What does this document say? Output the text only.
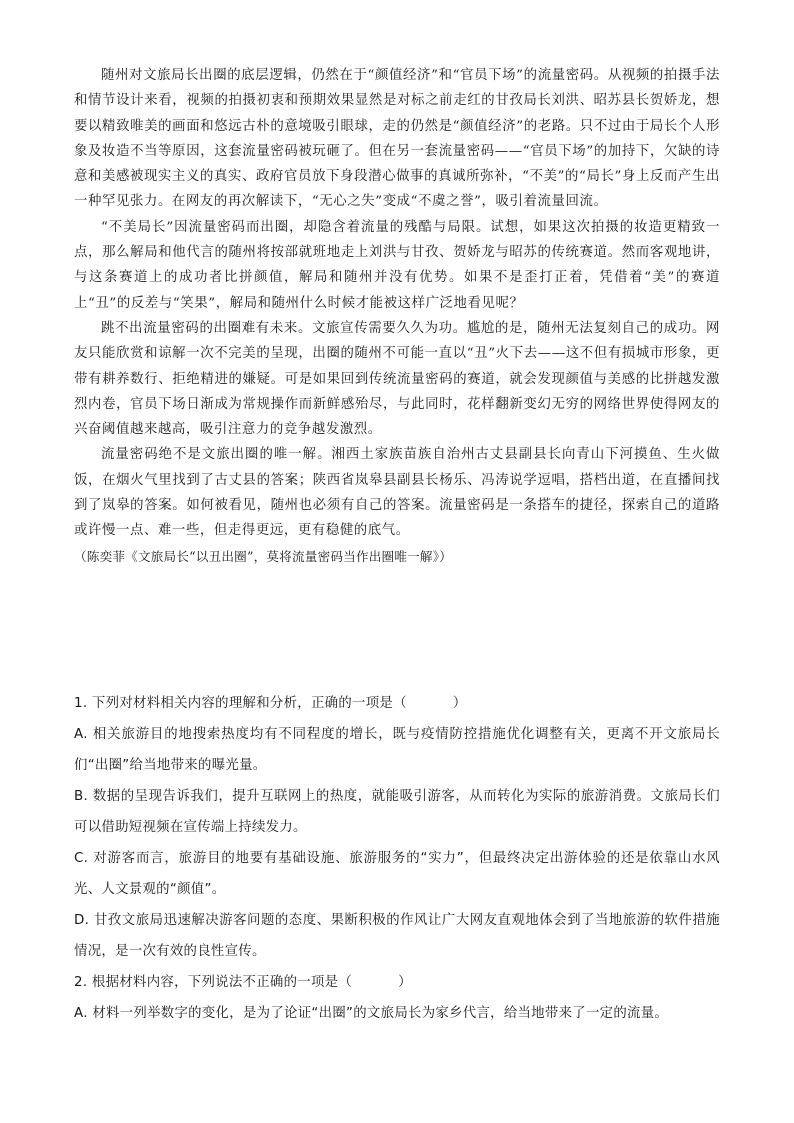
随州对文旅局长出圈的底层逻辑，仍然在于“颜值经济”和“官员下场”的流量密码。从视频的拍摄手法和情节设计来看，视频的拍摄初衷和预期效果显然是对标之前走红的甘孜局长刘洪、昭苏县长贺娇龙，想要以精致唯美的画面和悠远古朴的意境吸引眼球，走的仍然是“颜值经济”的老路。只不过由于局长个人形象及妆造不当等原因，这套流量密码被玩砸了。但在另一套流量密码——“官员下场”的加持下，欠缺的诗意和美感被现实主义的真实、政府官员放下身段潜心做事的真诚所弥补，“不美”的“局长”身上反而产生出一种罕见张力。在网友的再次解读下，“无心之失”变成“不虞之誉”，吸引着流量回流。

“不美局长”因流量密码而出圈，却隐含着流量的残酷与局限。试想，如果这次拍摄的妆造更精致一点，那么解局和他代言的随州将按部就班地走上刘洪与甘孜、贺娇龙与昭苏的传统赛道。然而客观地讲，与这条赛道上的成功者比拼颜值，解局和随州并没有优势。如果不是歪打正着，凭借着“美”的赛道上“丑”的反差与“笑果”，解局和随州什么时候才能被这样广泛地看见呢？

跳不出流量密码的出圈难有未来。文旅宣传需要久久为功。尴尬的是，随州无法复刻自己的成功。网友只能欣赏和谅解一次不完美的呈现，出圈的随州不可能一直以“丑”火下去——这不但有损城市形象，更带有耕养数行、拒绝精进的嫌疑。可是如果回到传统流量密码的赛道，就会发现颜值与美感的比拼越发激烈内卷，官员下场日渐成为常规操作而新鲜感殆尽，与此同时，花样翻新变幻无穷的网络世界使得网友的兴奋阈值越来越高，吸引注意力的竞争越发激烈。

流量密码绝不是文旅出圈的唯一解。湘西土家族苗族自治州古丈县副县长向青山下河摸鱼、生火做饭，在烟火气里找到了古丈县的答案；陕西省岚皋县副县长杨乐、冯涛说学逗唱，搭档出道，在直播间找到了岚皋的答案。如何被看见，随州也必须有自己的答案。流量密码是一条搭车的捷径，探索自己的道路或许慢一点、难一些，但走得更远，更有稳健的底气。

（陈奕菲《文旅局长“以丑出圈”，莫将流量密码当作出圈唯一解》）

1. 下列对材料相关内容的理解和分析，正确的一项是（	）

A. 相关旅游目的地搜索热度均有不同程度的增长，既与疫情防控措施优化调整有关，更离不开文旅局长们“出圈”给当地带来的曝光量。

B. 数据的呈现告诉我们，提升互联网上的热度，就能吸引游客，从而转化为实际的旅游消费。文旅局长们可以借助短视频在宣传端上持续发力。

C. 对游客而言，旅游目的地要有基础设施、旅游服务的“实力”，但最终决定出游体验的还是依靠山水风光、人文景观的“颜值”。

D. 甘孜文旅局迅速解决游客问题的态度、果断积极的作风让广大网友直观地体会到了当地旅游的软件措施情况，是一次有效的良性宣传。

2. 根据材料内容，下列说法不正确的一项是（	）

A. 材料一列举数字的变化，是为了论证“出圈”的文旅局长为家乡代言，给当地带来了一定的流量。
